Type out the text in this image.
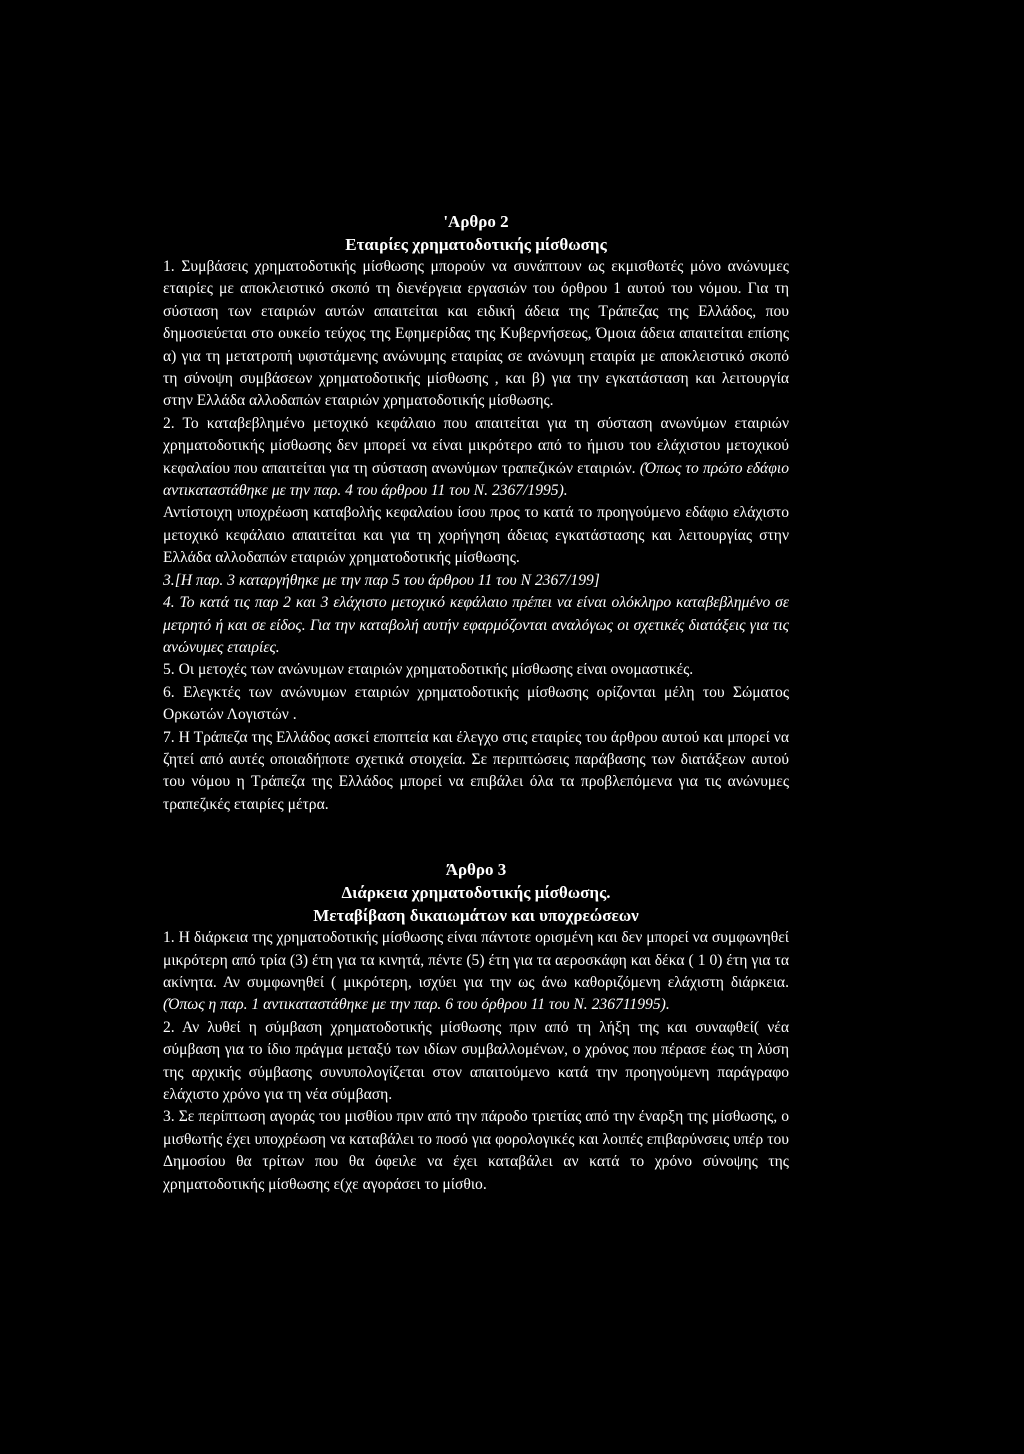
'Αρθρο 2

Εταιρίες χρηματοδοτικής μίσθωσης

1. Συμβάσεις χρηματοδοτικής μίσθωσης μπορούν να συνάπτουν ως εκμισθωτές μόνο ανώνυμες εταιρίες με αποκλειστικό σκοπό τη διενέργεια εργασιών του όρθρου 1 αυτού του νόμου. Για τη σύσταση των εταιριών αυτών απαιτείται και ειδική άδεια της Τράπεζας της Ελλάδος, που δημοσιεύεται στο ουκείο τεύχος της Εφημερίδας της Κυβερνήσεως, Όμοια άδεια απαιτείται επίσης α) για τη μετατροπή υφιστάμενης ανώνυμης εταιρίας σε ανώνυμη εταιρία με αποκλειστικό σκοπό τη σύνοψη συμβάσεων χρηματοδοτικής μίσθωσης , και β) για την εγκατάσταση και λειτουργία στην Ελλάδα αλλοδαπών εταιριών χρηματοδοτικής μίσθωσης.

2. Το καταβεβλημένο μετοχικό κεφάλαιο που απαιτείται για τη σύσταση ανωνύμων εταιριών χρηματοδοτικής μίσθωσης δεν μπορεί να είναι μικρότερο από το ήμισυ του ελάχιστου μετοχικού κεφαλαίου που απαιτείται για τη σύσταση ανωνύμων τραπεζικών εταιριών. (Όπως το πρώτο εδάφιο αντικαταστάθηκε με την παρ. 4 του άρθρου 11 του Ν. 2367/1995).

Αντίστοιχη υποχρέωση καταβολής κεφαλαίου ίσου προς το κατά το προηγούμενο εδάφιο ελάχιστο μετοχικό κεφάλαιο απαιτείται και για τη χορήγηση άδειας εγκατάστασης και λειτουργίας στην Ελλάδα αλλοδαπών εταιριών χρηματοδοτικής μίσθωσης.

3.[Η παρ. 3 καταργήθηκε με την παρ 5 του άρθρου 11 του Ν 2367/199]

4. Το κατά τις παρ 2 και 3 ελάχιστο μετοχικό κεφάλαιο πρέπει να είναι ολόκληρο καταβεβλημένο σε μετρητό ή και σε είδος. Για την καταβολή αυτήν εφαρμόζονται αναλόγως οι σχετικές διατάξεις για τις ανώνυμες εταιρίες.

5. Οι μετοχές των ανώνυμων εταιριών χρηματοδοτικής μίσθωσης είναι ονομαστικές.

6. Ελεγκτές των ανώνυμων εταιριών χρηματοδοτικής μίσθωσης ορίζονται μέλη του Σώματος Ορκωτών Λογιστών .

7. Η Τράπεζα της Ελλάδος ασκεί εποπτεία και έλεγχο στις εταιρίες του άρθρου αυτού και μπορεί να ζητεί από αυτές οποιαδήποτε σχετικά στοιχεία. Σε περιπτώσεις παράβασης των διατάξεων αυτού του νόμου η Τράπεζα της Ελλάδος μπορεί να επιβάλει όλα τα προβλεπόμενα για τις ανώνυμες τραπεζικές εταιρίες μέτρα.

Άρθρο 3

Διάρκεια χρηματοδοτικής μίσθωσης.

Μεταβίβαση δικαιωμάτων και υποχρεώσεων

1. Η διάρκεια της χρηματοδοτικής μίσθωσης είναι πάντοτε ορισμένη και δεν μπορεί να συμφωνηθεί μικρότερη από τρία (3) έτη για τα κινητά, πέντε (5) έτη για τα αεροσκάφη και δέκα ( 1 0) έτη για τα ακίνητα. Αν συμφωνηθεί ( μικρότερη, ισχύει για την ως άνω καθοριζόμενη ελάχιστη διάρκεια. (Όπως η παρ. 1 αντικαταστάθηκε με την παρ. 6 του όρθρου 11 του Ν. 236711995).

2. Αν λυθεί η σύμβαση χρηματοδοτικής μίσθωσης πριν από τη λήξη της και συναφθεί( νέα σύμβαση για το ίδιο πράγμα μεταξύ των ιδίων συμβαλλομένων, ο χρόνος που πέρασε έως τη λύση της αρχικής σύμβασης συνυπολογίζεται στον απαιτούμενο κατά την προηγούμενη παράγραφο ελάχιστο χρόνο για τη νέα σύμβαση.

3. Σε περίπτωση αγοράς του μισθίου πριν από την πάροδο τριετίας από την έναρξη της μίσθωσης, ο μισθωτής έχει υποχρέωση να καταβάλει το ποσό για φορολογικές και λοιπές επιβαρύνσεις υπέρ του Δημοσίου θα τρίτων που θα όφειλε να έχει καταβάλει αν κατά το χρόνο σύνοψης της χρηματοδοτικής μίσθωσης ε(χε αγοράσει το μίσθιο.
